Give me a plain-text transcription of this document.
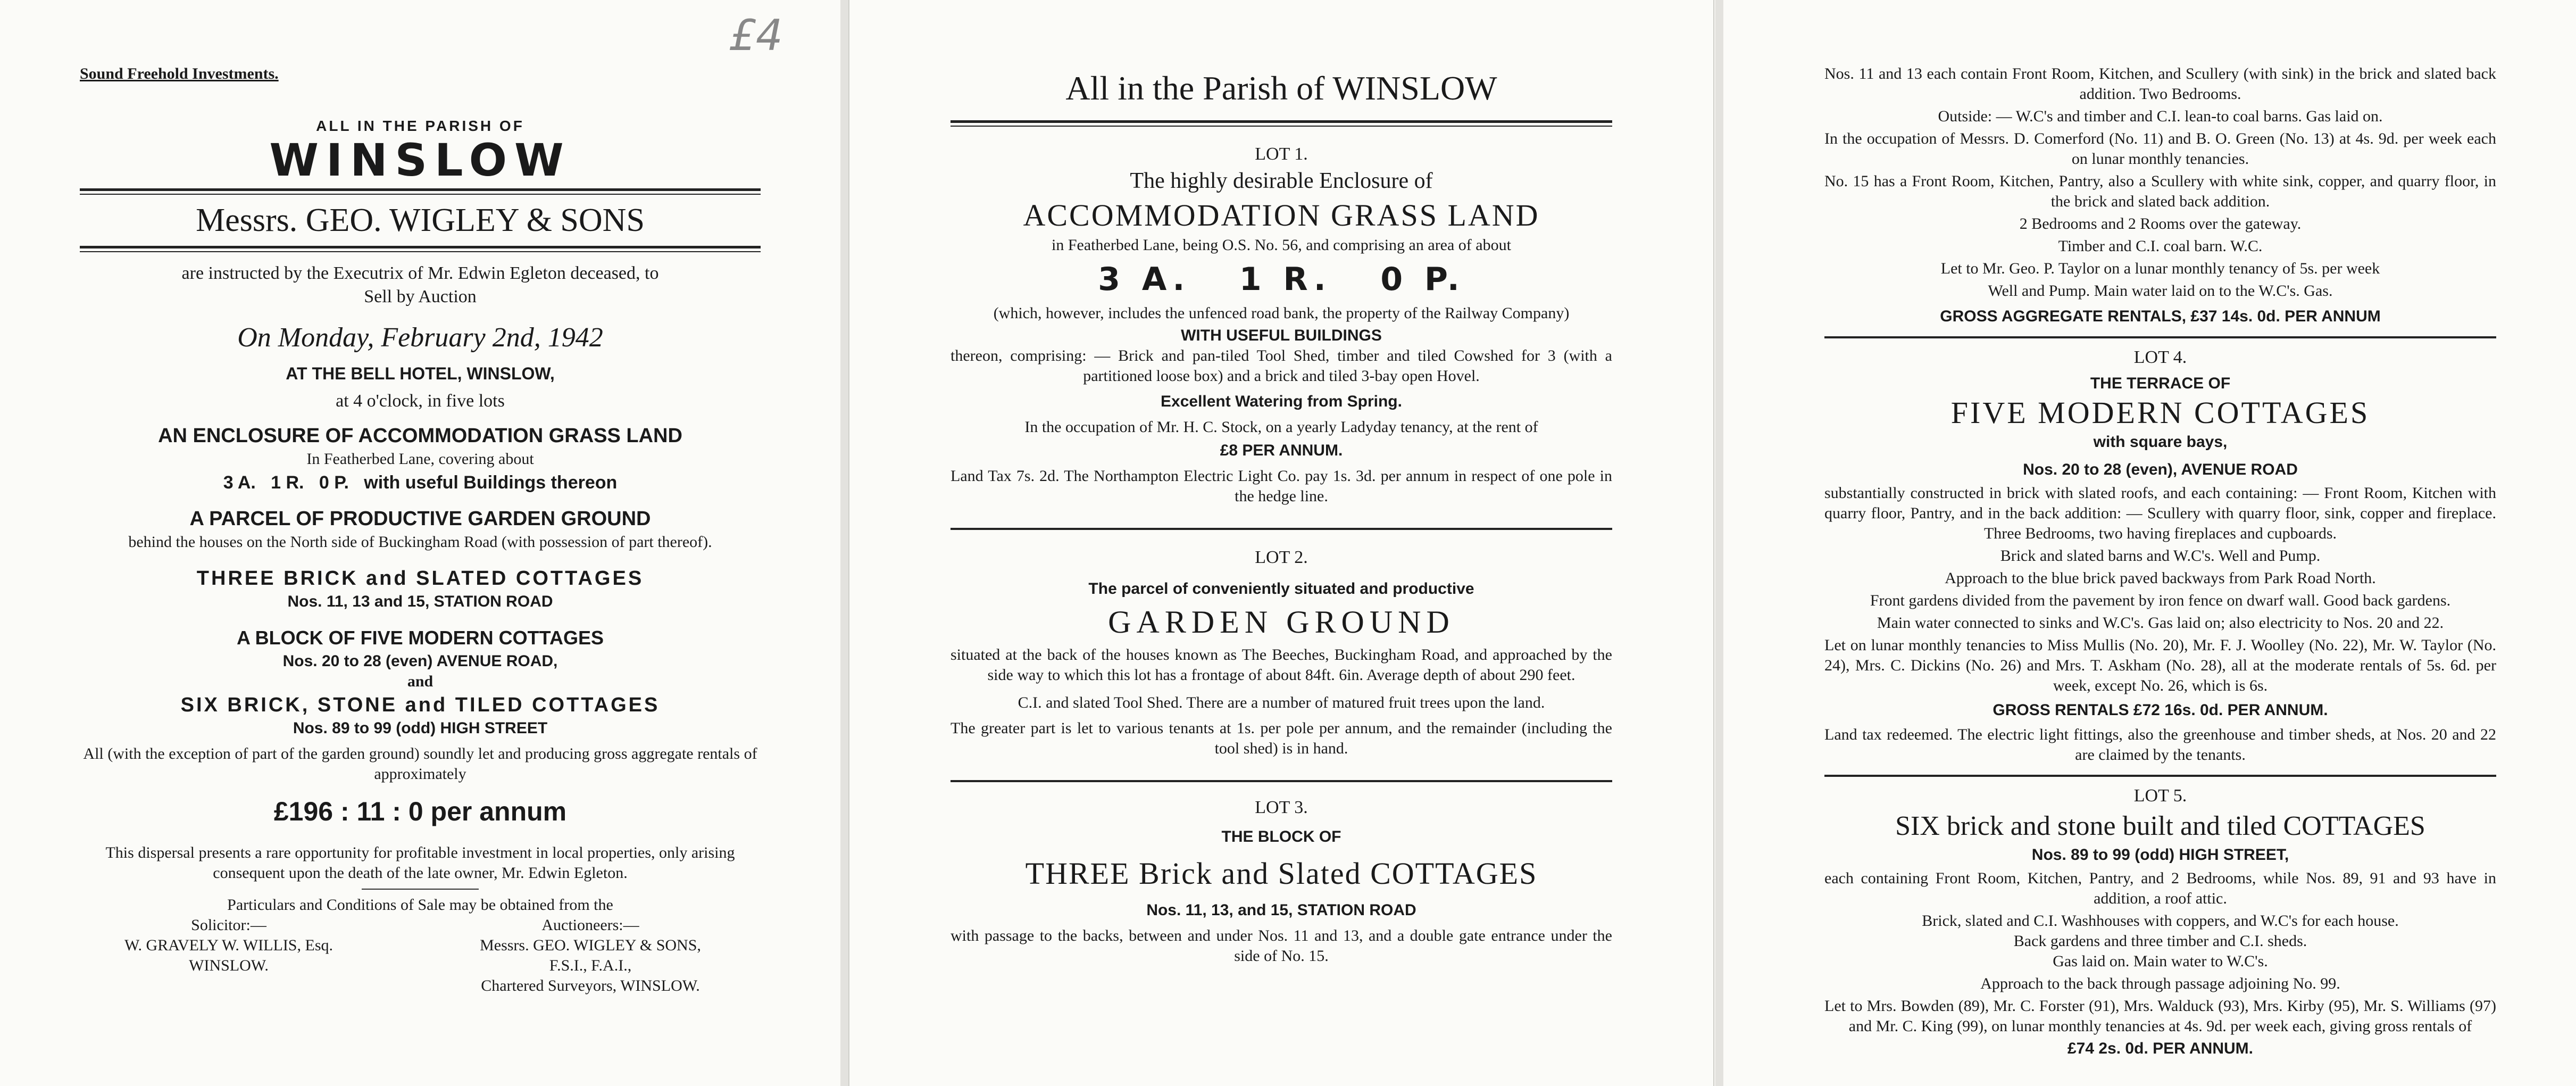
Sound Freehold Investments.

£4

ALL IN THE PARISH OF

WINSLOW

Messrs. GEO. WIGLEY & SONS

are instructed by the Executrix of Mr. Edwin Egleton deceased, to

Sell by Auction

On Monday, February 2nd, 1942

AT THE BELL HOTEL, WINSLOW,

at 4 o'clock, in five lots

AN ENCLOSURE OF ACCOMMODATION GRASS LAND

In Featherbed Lane, covering about

3 A.   1 R.   0 P.   with useful Buildings thereon

A PARCEL OF PRODUCTIVE GARDEN GROUND

behind the houses on the North side of Buckingham Road (with possession of part thereof).

THREE BRICK and SLATED COTTAGES

Nos. 11, 13 and 15, STATION ROAD

A BLOCK OF FIVE MODERN COTTAGES

Nos. 20 to 28 (even) AVENUE ROAD,

and

SIX BRICK, STONE and TILED COTTAGES

Nos. 89 to 99 (odd) HIGH STREET

All (with the exception of part of the garden ground) soundly let and producing gross aggregate rentals of approximately

£196 : 11 : 0 per annum

This dispersal presents a rare opportunity for profitable investment in local properties, only arising consequent upon the death of the late owner, Mr. Edwin Egleton.

Particulars and Conditions of Sale may be obtained from the

Solicitor:—

W. GRAVELY W. WILLIS, Esq.

WINSLOW.

Auctioneers:—

Messrs. GEO. WIGLEY & SONS,

F.S.I., F.A.I.,

Chartered Surveyors, WINSLOW.

All in the Parish of WINSLOW

LOT 1.

The highly desirable Enclosure of

ACCOMMODATION GRASS LAND

in Featherbed Lane, being O.S. No. 56, and comprising an area of about

3 A.   1 R.   0 P.

(which, however, includes the unfenced road bank, the property of the Railway Company)

WITH USEFUL BUILDINGS

thereon, comprising: — Brick and pan-tiled Tool Shed, timber and tiled Cowshed for 3 (with a partitioned loose box) and a brick and tiled 3-bay open Hovel.

Excellent Watering from Spring.

In the occupation of Mr. H. C. Stock, on a yearly Ladyday tenancy, at the rent of

£8 PER ANNUM.

Land Tax 7s. 2d. The Northampton Electric Light Co. pay 1s. 3d. per annum in respect of one pole in the hedge line.

LOT 2.

The parcel of conveniently situated and productive

GARDEN GROUND

situated at the back of the houses known as The Beeches, Buckingham Road, and approached by the side way to which this lot has a frontage of about 84ft. 6in. Average depth of about 290 feet.

C.I. and slated Tool Shed. There are a number of matured fruit trees upon the land.

The greater part is let to various tenants at 1s. per pole per annum, and the remainder (including the tool shed) is in hand.

LOT 3.

THE BLOCK OF

THREE Brick and Slated COTTAGES

Nos. 11, 13, and 15, STATION ROAD

with passage to the backs, between and under Nos. 11 and 13, and a double gate entrance under the side of No. 15.

Nos. 11 and 13 each contain Front Room, Kitchen, and Scullery (with sink) in the brick and slated back addition. Two Bedrooms.

Outside: — W.C's and timber and C.I. lean-to coal barns. Gas laid on.

In the occupation of Messrs. D. Comerford (No. 11) and B. O. Green (No. 13) at 4s. 9d. per week each on lunar monthly tenancies.

No. 15 has a Front Room, Kitchen, Pantry, also a Scullery with white sink, copper, and quarry floor, in the brick and slated back addition.

2 Bedrooms and 2 Rooms over the gateway.

Timber and C.I. coal barn. W.C.

Let to Mr. Geo. P. Taylor on a lunar monthly tenancy of 5s. per week

Well and Pump. Main water laid on to the W.C's. Gas.

GROSS AGGREGATE RENTALS, £37 14s. 0d. PER ANNUM

LOT 4.

THE TERRACE OF

FIVE MODERN COTTAGES

with square bays,

Nos. 20 to 28 (even), AVENUE ROAD

substantially constructed in brick with slated roofs, and each containing: — Front Room, Kitchen with quarry floor, Pantry, and in the back addition: — Scullery with quarry floor, sink, copper and fireplace. Three Bedrooms, two having fireplaces and cupboards.

Brick and slated barns and W.C's. Well and Pump.

Approach to the blue brick paved backways from Park Road North.

Front gardens divided from the pavement by iron fence on dwarf wall. Good back gardens.

Main water connected to sinks and W.C's. Gas laid on; also electricity to Nos. 20 and 22.

Let on lunar monthly tenancies to Miss Mullis (No. 20), Mr. F. J. Woolley (No. 22), Mr. W. Taylor (No. 24), Mrs. C. Dickins (No. 26) and Mrs. T. Askham (No. 28), all at the moderate rentals of 5s. 6d. per week, except No. 26, which is 6s.

GROSS RENTALS £72 16s. 0d. PER ANNUM.

Land tax redeemed. The electric light fittings, also the greenhouse and timber sheds, at Nos. 20 and 22 are claimed by the tenants.

LOT 5.

SIX brick and stone built and tiled COTTAGES

Nos. 89 to 99 (odd) HIGH STREET,

each containing Front Room, Kitchen, Pantry, and 2 Bedrooms, while Nos. 89, 91 and 93 have in addition, a roof attic.

Brick, slated and C.I. Washhouses with coppers, and W.C's for each house.

Back gardens and three timber and C.I. sheds.

Gas laid on. Main water to W.C's.

Approach to the back through passage adjoining No. 99.

Let to Mrs. Bowden (89), Mr. C. Forster (91), Mrs. Walduck (93), Mrs. Kirby (95), Mr. S. Williams (97) and Mr. C. King (99), on lunar monthly tenancies at 4s. 9d. per week each, giving gross rentals of

£74 2s. 0d. PER ANNUM.
